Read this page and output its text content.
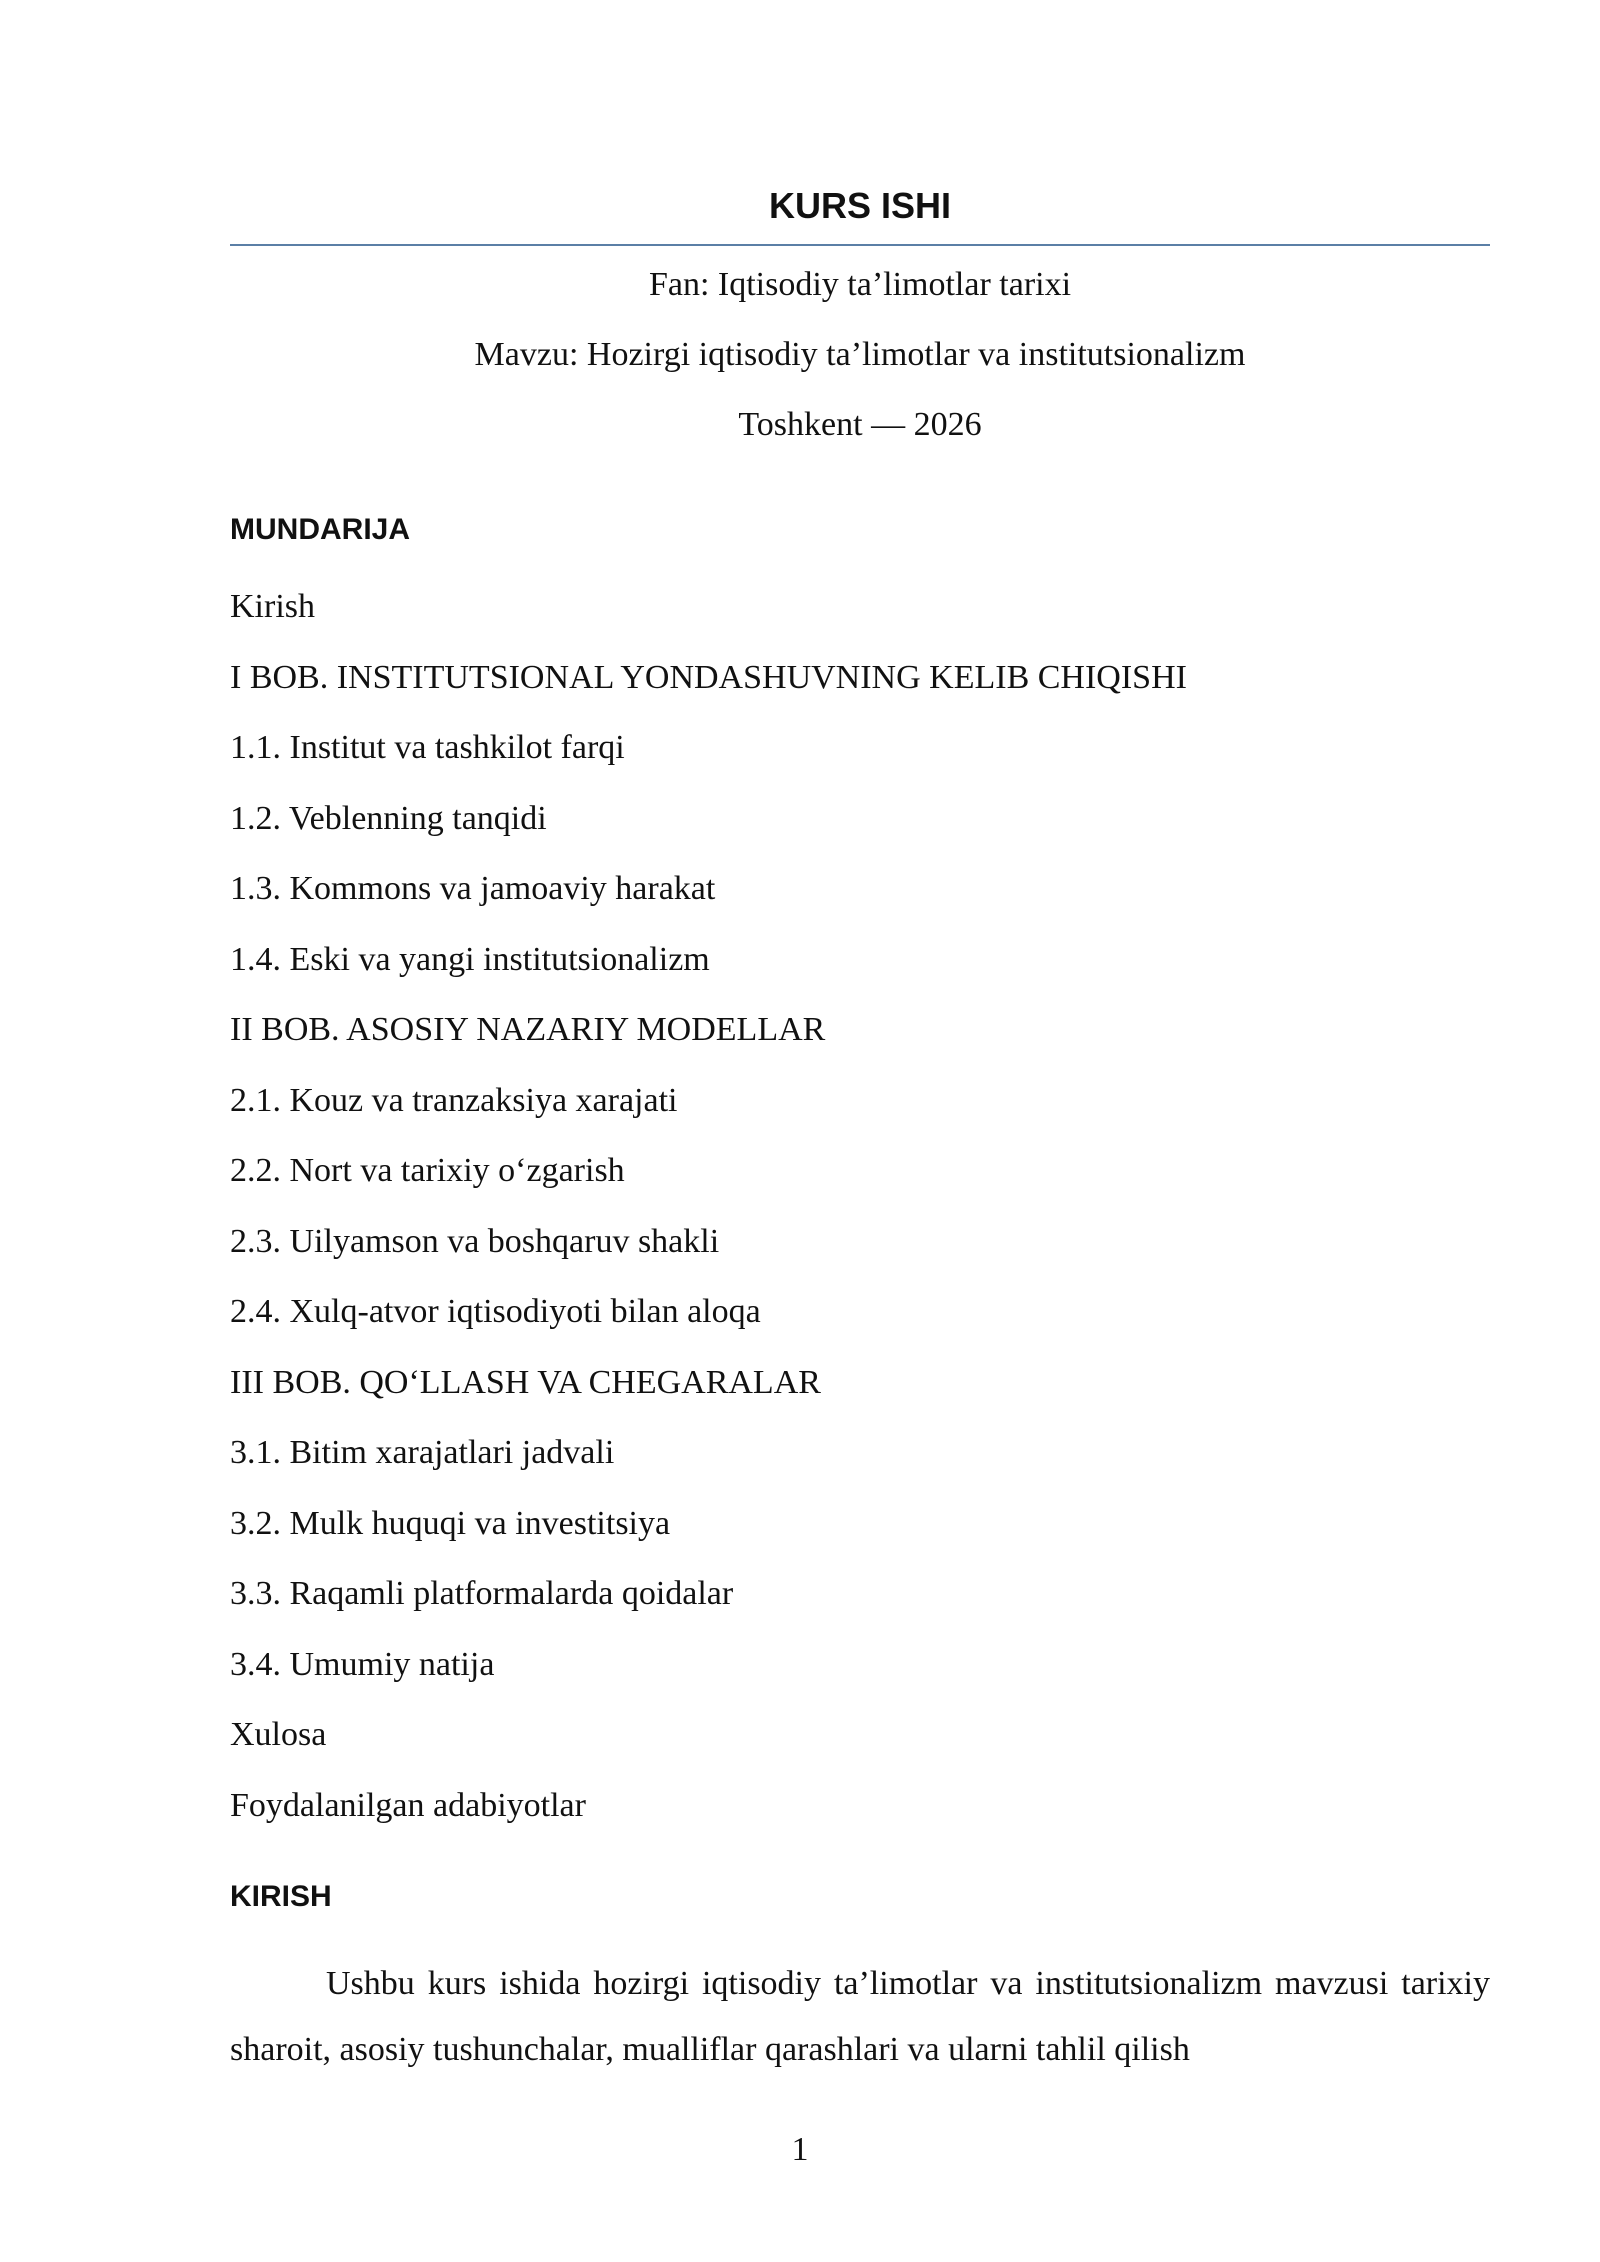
KURS ISHI

Fan: Iqtisodiy ta’limotlar tarixi

Mavzu: Hozirgi iqtisodiy ta’limotlar va institutsionalizm

Toshkent — 2026

MUNDARIJA
Kirish
I BOB. INSTITUTSIONAL YONDASHUVNING KELIB CHIQISHI
1.1. Institut va tashkilot farqi
1.2. Veblenning tanqidi
1.3. Kommons va jamoaviy harakat
1.4. Eski va yangi institutsionalizm
II BOB. ASOSIY NAZARIY MODELLAR
2.1. Kouz va tranzaksiya xarajati
2.2. Nort va tarixiy o‘zgarish
2.3. Uilyamson va boshqaruv shakli
2.4. Xulq-atvor iqtisodiyoti bilan aloqa
III BOB. QO‘LLASH VA CHEGARALAR
3.1. Bitim xarajatlari jadvali
3.2. Mulk huquqi va investitsiya
3.3. Raqamli platformalarda qoidalar
3.4. Umumiy natija
Xulosa
Foydalanilgan adabiyotlar
KIRISH

Ushbu kurs ishida hozirgi iqtisodiy ta’limotlar va institutsionalizm mavzusi tarixiy sharoit, asosiy tushunchalar, mualliflar qarashlari va ularni tahlil qilish

1
